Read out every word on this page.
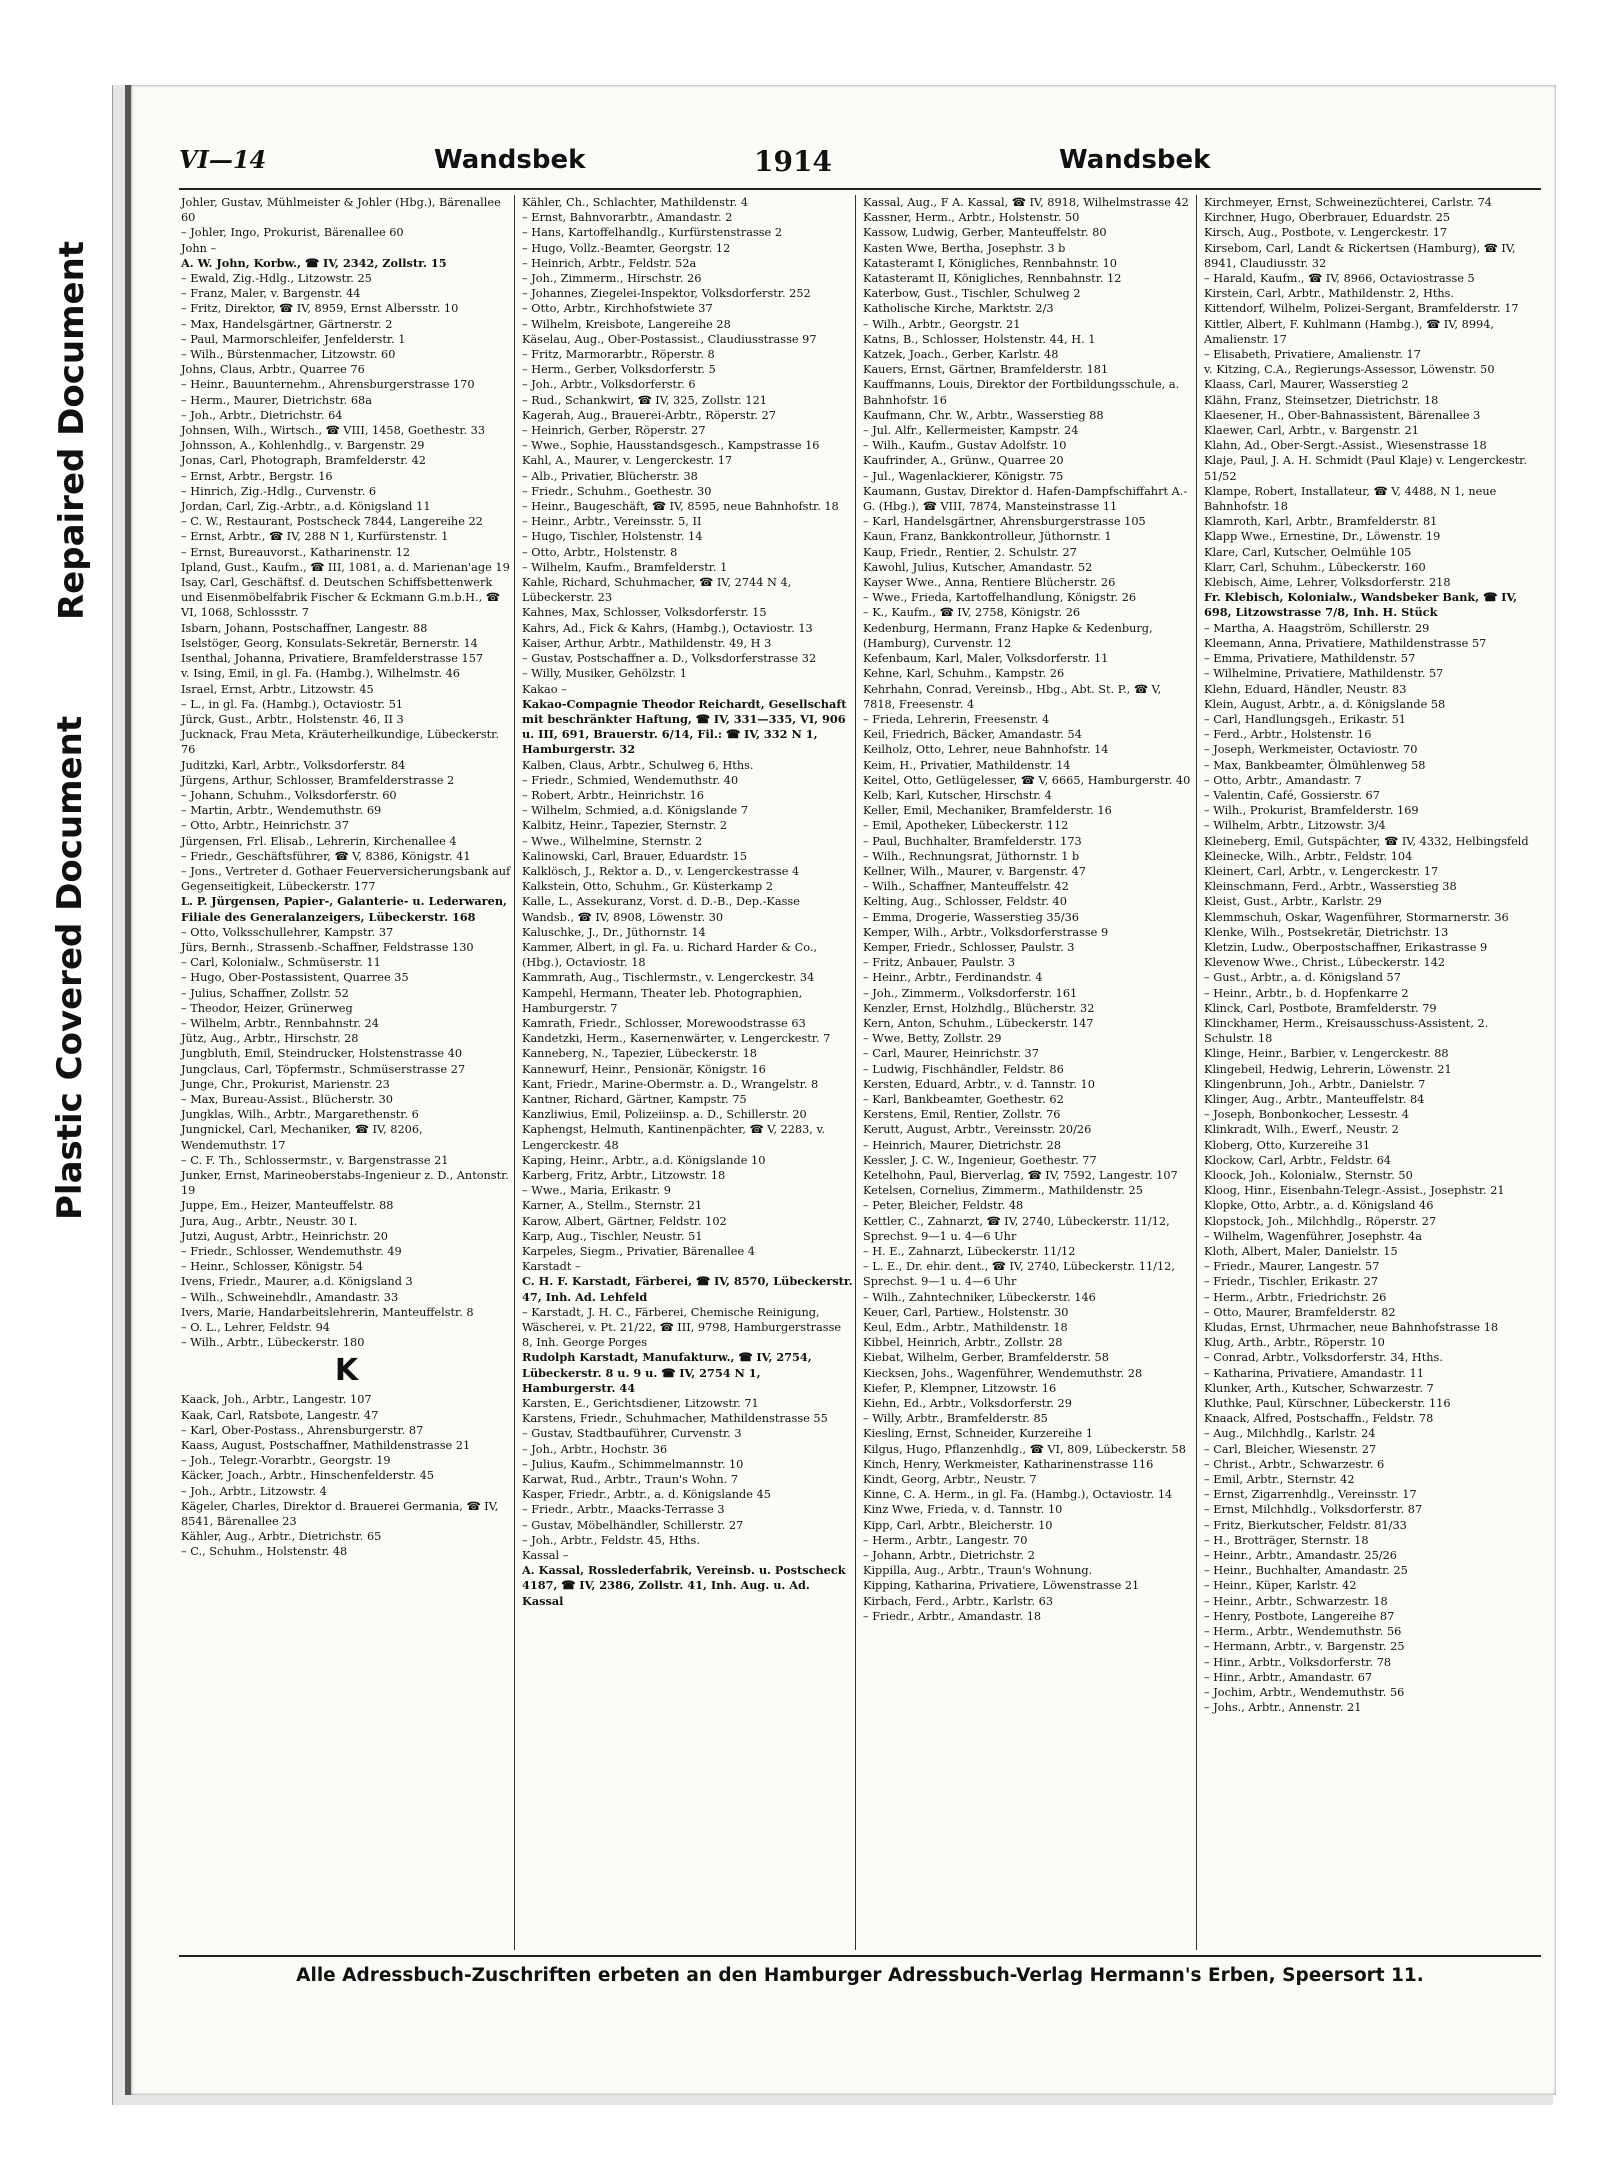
Repaired Document
Plastic Covered Document
VI—14	Wandsbek	1914	Wandsbek

Johler, Gustav, Mühlmeister & Johler (Hbg.), Bärenallee 60

– Johler, Ingo, Prokurist, Bärenallee 60

John –

A. W. John, Korbw., ☎ IV, 2342, Zollstr. 15

– Ewald, Zig.-Hdlg., Litzowstr. 25

– Franz, Maler, v. Bargenstr. 44

– Fritz, Direktor, ☎ IV, 8959, Ernst Albersstr. 10

– Max, Handelsgärtner, Gärtnerstr. 2

– Paul, Marmorschleifer, Jenfelderstr. 1

– Wilh., Bürstenmacher, Litzowstr. 60

Johns, Claus, Arbtr., Quarree 76

– Heinr., Bauunternehm., Ahrensburgerstrasse 170

– Herm., Maurer, Dietrichstr. 68a

– Joh., Arbtr., Dietrichstr. 64

Johnsen, Wilh., Wirtsch., ☎ VIII, 1458, Goethestr. 33

Johnsson, A., Kohlenhdlg., v. Bargenstr. 29

Jonas, Carl, Photograph, Bramfelderstr. 42

– Ernst, Arbtr., Bergstr. 16

– Hinrich, Zig.-Hdlg., Curvenstr. 6

Jordan, Carl, Zig.-Arbtr., a.d. Königsland 11

– C. W., Restaurant, Postscheck 7844, Langereihe 22

– Ernst, Arbtr., ☎ IV, 288 N 1, Kurfürstenstr. 1

– Ernst, Bureauvorst., Katharinenstr. 12

Ipland, Gust., Kaufm., ☎ III, 1081, a. d. Marienan'age 19

Isay, Carl, Geschäftsf. d. Deutschen Schiffsbettenwerk und Eisenmöbelfabrik Fischer & Eckmann G.m.b.H., ☎ VI, 1068, Schlossstr. 7

Isbarn, Johann, Postschaffner, Langestr. 88

Iselstöger, Georg, Konsulats-Sekretär, Bernerstr. 14

Isenthal, Johanna, Privatiere, Bramfelderstrasse 157

v. Ising, Emil, in gl. Fa. (Hambg.), Wilhelmstr. 46

Israel, Ernst, Arbtr., Litzowstr. 45

– L., in gl. Fa. (Hambg.), Octaviostr. 51

Jürck, Gust., Arbtr., Holstenstr. 46, II 3

Jucknack, Frau Meta, Kräuterheilkundige, Lübeckerstr. 76

Juditzki, Karl, Arbtr., Volksdorferstr. 84

Jürgens, Arthur, Schlosser, Bramfelderstrasse 2

– Johann, Schuhm., Volksdorferstr. 60

– Martin, Arbtr., Wendemuthstr. 69

– Otto, Arbtr., Heinrichstr. 37

Jürgensen, Frl. Elisab., Lehrerin, Kirchenallee 4

– Friedr., Geschäftsführer, ☎ V, 8386, Königstr. 41

– Jons., Vertreter d. Gothaer Feuerversicherungsbank auf Gegenseitigkeit, Lübeckerstr. 177

L. P. Jürgensen, Papier-, Galanterie- u. Lederwaren, Filiale des Generalanzeigers, Lübeckerstr. 168

– Otto, Volksschullehrer, Kampstr. 37

Jürs, Bernh., Strassenb.-Schaffner, Feldstrasse 130

– Carl, Kolonialw., Schmüserstr. 11

– Hugo, Ober-Postassistent, Quarree 35

– Julius, Schaffner, Zollstr. 52

– Theodor, Heizer, Grünerweg

– Wilhelm, Arbtr., Rennbahnstr. 24

Jütz, Aug., Arbtr., Hirschstr. 28

Jungbluth, Emil, Steindrucker, Holstenstrasse 40

Jungclaus, Carl, Töpfermstr., Schmüserstrasse 27

Junge, Chr., Prokurist, Marienstr. 23

– Max, Bureau-Assist., Blücherstr. 30

Jungklas, Wilh., Arbtr., Margarethenstr. 6

Jungnickel, Carl, Mechaniker, ☎ IV, 8206, Wendemuthstr. 17

– C. F. Th., Schlossermstr., v. Bargenstrasse 21

Junker, Ernst, Marineoberstabs-Ingenieur z. D., Antonstr. 19

Juppe, Em., Heizer, Manteuffelstr. 88

Jura, Aug., Arbtr., Neustr. 30 I.

Jutzi, August, Arbtr., Heinrichstr. 20

– Friedr., Schlosser, Wendemuthstr. 49

– Heinr., Schlosser, Königstr. 54

Ivens, Friedr., Maurer, a.d. Königsland 3

– Wilh., Schweinehdlr., Amandastr. 33

Ivers, Marie, Handarbeitslehrerin, Manteuffelstr. 8

– O. L., Lehrer, Feldstr. 94

– Wilh., Arbtr., Lübeckerstr. 180

K

Kaack, Joh., Arbtr., Langestr. 107

Kaak, Carl, Ratsbote, Langestr. 47

– Karl, Ober-Postass., Ahrensburgerstr. 87

Kaass, August, Postschaffner, Mathildenstrasse 21

– Joh., Telegr.-Vorarbtr., Georgstr. 19

Käcker, Joach., Arbtr., Hinschenfelderstr. 45

– Joh., Arbtr., Litzowstr. 4

Kägeler, Charles, Direktor d. Brauerei Germania, ☎ IV, 8541, Bärenallee 23

Kähler, Aug., Arbtr., Dietrichstr. 65

– C., Schuhm., Holstenstr. 48

Kähler, Ch., Schlachter, Mathildenstr. 4

– Ernst, Bahnvorarbtr., Amandastr. 2

– Hans, Kartoffelhandlg., Kurfürstenstrasse 2

– Hugo, Vollz.-Beamter, Georgstr. 12

– Heinrich, Arbtr., Feldstr. 52a

– Joh., Zimmerm., Hirschstr. 26

– Johannes, Ziegelei-Inspektor, Volksdorferstr. 252

– Otto, Arbtr., Kirchhofstwiete 37

– Wilhelm, Kreisbote, Langereihe 28

Käselau, Aug., Ober-Postassist., Claudiusstrasse 97

– Fritz, Marmorarbtr., Röperstr. 8

– Herm., Gerber, Volksdorferstr. 5

– Joh., Arbtr., Volksdorferstr. 6

– Rud., Schankwirt, ☎ IV, 325, Zollstr. 121

Kagerah, Aug., Brauerei-Arbtr., Röperstr. 27

– Heinrich, Gerber, Röperstr. 27

– Wwe., Sophie, Hausstandsgesch., Kampstrasse 16

Kahl, A., Maurer, v. Lengerckestr. 17

– Alb., Privatier, Blücherstr. 38

– Friedr., Schuhm., Goethestr. 30

– Heinr., Baugeschäft, ☎ IV, 8595, neue Bahnhofstr. 18

– Heinr., Arbtr., Vereinsstr. 5, II

– Hugo, Tischler, Holstenstr. 14

– Otto, Arbtr., Holstenstr. 8

– Wilhelm, Kaufm., Bramfelderstr. 1

Kahle, Richard, Schuhmacher, ☎ IV, 2744 N 4, Lübeckerstr. 23

Kahnes, Max, Schlosser, Volksdorferstr. 15

Kahrs, Ad., Fick & Kahrs, (Hambg.), Octaviostr. 13

Kaiser, Arthur, Arbtr., Mathildenstr. 49, H 3

– Gustav, Postschaffner a. D., Volksdorferstrasse 32

– Willy, Musiker, Gehölzstr. 1

Kakao –

Kakao-Compagnie Theodor Reichardt, Gesellschaft mit beschränkter Haftung, ☎ IV, 331—335, VI, 906 u. III, 691, Brauerstr. 6/14, Fil.: ☎ IV, 332 N 1, Hamburgerstr. 32

Kalben, Claus, Arbtr., Schulweg 6, Hths.

– Friedr., Schmied, Wendemuthstr. 40

– Robert, Arbtr., Heinrichstr. 16

– Wilhelm, Schmied, a.d. Königslande 7

Kalbitz, Heinr., Tapezier, Sternstr. 2

– Wwe., Wilhelmine, Sternstr. 2

Kalinowski, Carl, Brauer, Eduardstr. 15

Kalklösch, J., Rektor a. D., v. Lengerckestrasse 4

Kalkstein, Otto, Schuhm., Gr. Küsterkamp 2

Kalle, L., Assekuranz, Vorst. d. D.-B., Dep.-Kasse Wandsb., ☎ IV, 8908, Löwenstr. 30

Kaluschke, J., Dr., Jüthornstr. 14

Kammer, Albert, in gl. Fa. u. Richard Harder & Co., (Hbg.), Octaviostr. 18

Kammrath, Aug., Tischlermstr., v. Lengerckestr. 34

Kampehl, Hermann, Theater leb. Photographien, Hamburgerstr. 7

Kamrath, Friedr., Schlosser, Morewoodstrasse 63

Kandetzki, Herm., Kasernenwärter, v. Lengerckestr. 7

Kanneberg, N., Tapezier, Lübeckerstr. 18

Kannewurf, Heinr., Pensionär, Königstr. 16

Kant, Friedr., Marine-Obermstr. a. D., Wrangelstr. 8

Kantner, Richard, Gärtner, Kampstr. 75

Kanzliwius, Emil, Polizeiinsp. a. D., Schillerstr. 20

Kaphengst, Helmuth, Kantinenpächter, ☎ V, 2283, v. Lengerckestr. 48

Kaping, Heinr., Arbtr., a.d. Königslande 10

Karberg, Fritz, Arbtr., Litzowstr. 18

– Wwe., Maria, Erikastr. 9

Karner, A., Stellm., Sternstr. 21

Karow, Albert, Gärtner, Feldstr. 102

Karp, Aug., Tischler, Neustr. 51

Karpeles, Siegm., Privatier, Bärenallee 4

Karstadt –

C. H. F. Karstadt, Färberei, ☎ IV, 8570, Lübeckerstr. 47, Inh. Ad. Lehfeld

– Karstadt, J. H. C., Färberei, Chemische Reinigung, Wäscherei, v. Pt. 21/22, ☎ III, 9798, Hamburgerstrasse 8, Inh. George Porges

Rudolph Karstadt, Manufakturw., ☎ IV, 2754, Lübeckerstr. 8 u. 9 u. ☎ IV, 2754 N 1, Hamburgerstr. 44

Karsten, E., Gerichtsdiener, Litzowstr. 71

Karstens, Friedr., Schuhmacher, Mathildenstrasse 55

– Gustav, Stadtbauführer, Curvenstr. 3

– Joh., Arbtr., Hochstr. 36

– Julius, Kaufm., Schimmelmannstr. 10

Karwat, Rud., Arbtr., Traun's Wohn. 7

Kasper, Friedr., Arbtr., a. d. Königslande 45

– Friedr., Arbtr., Maacks-Terrasse 3

– Gustav, Möbelhändler, Schillerstr. 27

– Joh., Arbtr., Feldstr. 45, Hths.

Kassal –

A. Kassal, Rosslederfabrik, Vereinsb. u. Postscheck 4187, ☎ IV, 2386, Zollstr. 41, Inh. Aug. u. Ad. Kassal

Kassal, Aug., F A. Kassal, ☎ IV, 8918, Wilhelmstrasse 42

Kassner, Herm., Arbtr., Holstenstr. 50

Kassow, Ludwig, Gerber, Manteuffelstr. 80

Kasten Wwe, Bertha, Josephstr. 3 b

Katasteramt I, Königliches, Rennbahnstr. 10

Katasteramt II, Königliches, Rennbahnstr. 12

Katerbow, Gust., Tischler, Schulweg 2

Katholische Kirche, Marktstr. 2/3

– Wilh., Arbtr., Georgstr. 21

Katns, B., Schlosser, Holstenstr. 44, H. 1

Katzek, Joach., Gerber, Karlstr. 48

Kauers, Ernst, Gärtner, Bramfelderstr. 181

Kauffmanns, Louis, Direktor der Fortbildungsschule, a. Bahnhofstr. 16

Kaufmann, Chr. W., Arbtr., Wasserstieg 88

– Jul. Alfr., Kellermeister, Kampstr. 24

– Wilh., Kaufm., Gustav Adolfstr. 10

Kaufrinder, A., Grünw., Quarree 20

– Jul., Wagenlackierer, Königstr. 75

Kaumann, Gustav, Direktor d. Hafen-Dampfschiffahrt A.-G. (Hbg.), ☎ VIII, 7874, Mansteinstrasse 11

– Karl, Handelsgärtner, Ahrensburgerstrasse 105

Kaun, Franz, Bankkontrolleur, Jüthornstr. 1

Kaup, Friedr., Rentier, 2. Schulstr. 27

Kawohl, Julius, Kutscher, Amandastr. 52

Kayser Wwe., Anna, Rentiere Blücherstr. 26

– Wwe., Frieda, Kartoffelhandlung, Königstr. 26

– K., Kaufm., ☎ IV, 2758, Königstr. 26

Kedenburg, Hermann, Franz Hapke & Kedenburg, (Hamburg), Curvenstr. 12

Kefenbaum, Karl, Maler, Volksdorferstr. 11

Kehne, Karl, Schuhm., Kampstr. 26

Kehrhahn, Conrad, Vereinsb., Hbg., Abt. St. P., ☎ V, 7818, Freesenstr. 4

– Frieda, Lehrerin, Freesenstr. 4

Keil, Friedrich, Bäcker, Amandastr. 54

Keilholz, Otto, Lehrer, neue Bahnhofstr. 14

Keim, H., Privatier, Mathildenstr. 14

Keitel, Otto, Getlügelesser, ☎ V, 6665, Hamburgerstr. 40

Kelb, Karl, Kutscher, Hirschstr. 4

Keller, Emil, Mechaniker, Bramfelderstr. 16

– Emil, Apotheker, Lübeckerstr. 112

– Paul, Buchhalter, Bramfelderstr. 173

– Wilh., Rechnungsrat, Jüthornstr. 1 b

Kellner, Wilh., Maurer, v. Bargenstr. 47

– Wilh., Schaffner, Manteuffelstr. 42

Kelting, Aug., Schlosser, Feldstr. 40

– Emma, Drogerie, Wasserstieg 35/36

Kemper, Wilh., Arbtr., Volksdorferstrasse 9

Kemper, Friedr., Schlosser, Paulstr. 3

– Fritz, Anbauer, Paulstr. 3

– Heinr., Arbtr., Ferdinandstr. 4

– Joh., Zimmerm., Volksdorferstr. 161

Kenzler, Ernst, Holzhdlg., Blücherstr. 32

Kern, Anton, Schuhm., Lübeckerstr. 147

– Wwe, Betty, Zollstr. 29

– Carl, Maurer, Heinrichstr. 37

– Ludwig, Fischhändler, Feldstr. 86

Kersten, Eduard, Arbtr., v. d. Tannstr. 10

– Karl, Bankbeamter, Goethestr. 62

Kerstens, Emil, Rentier, Zollstr. 76

Kerutt, August, Arbtr., Vereinsstr. 20/26

– Heinrich, Maurer, Dietrichstr. 28

Kessler, J. C. W., Ingenieur, Goethestr. 77

Ketelhohn, Paul, Bierverlag, ☎ IV, 7592, Langestr. 107

Ketelsen, Cornelius, Zimmerm., Mathildenstr. 25

– Peter, Bleicher, Feldstr. 48

Kettler, C., Zahnarzt, ☎ IV, 2740, Lübeckerstr. 11/12, Sprechst. 9—1 u. 4—6 Uhr

– H. E., Zahnarzt, Lübeckerstr. 11/12

– L. E., Dr. ehir. dent., ☎ IV, 2740, Lübeckerstr. 11/12, Sprechst. 9—1 u. 4—6 Uhr

– Wilh., Zahntechniker, Lübeckerstr. 146

Keuer, Carl, Partiew., Holstenstr. 30

Keul, Edm., Arbtr., Mathildenstr. 18

Kibbel, Heinrich, Arbtr., Zollstr. 28

Kiebat, Wilhelm, Gerber, Bramfelderstr. 58

Kiecksen, Johs., Wagenführer, Wendemuthstr. 28

Kiefer, P., Klempner, Litzowstr. 16

Kiehn, Ed., Arbtr., Volksdorferstr. 29

– Willy, Arbtr., Bramfelderstr. 85

Kiesling, Ernst, Schneider, Kurzereihe 1

Kilgus, Hugo, Pflanzenhdlg., ☎ VI, 809, Lübeckerstr. 58

Kinch, Henry, Werkmeister, Katharinenstrasse 116

Kindt, Georg, Arbtr., Neustr. 7

Kinne, C. A. Herm., in gl. Fa. (Hambg.), Octaviostr. 14

Kinz Wwe, Frieda, v. d. Tannstr. 10

Kipp, Carl, Arbtr., Bleicherstr. 10

– Herm., Arbtr., Langestr. 70

– Johann, Arbtr., Dietrichstr. 2

Kippilla, Aug., Arbtr., Traun's Wohnung.

Kipping, Katharina, Privatiere, Löwenstrasse 21

Kirbach, Ferd., Arbtr., Karlstr. 63

– Friedr., Arbtr., Amandastr. 18

Kirchmeyer, Ernst, Schweinezüchterei, Carlstr. 74

Kirchner, Hugo, Oberbrauer, Eduardstr. 25

Kirsch, Aug., Postbote, v. Lengerckestr. 17

Kirsebom, Carl, Landt & Rickertsen (Hamburg), ☎ IV, 8941, Claudiusstr. 32

– Harald, Kaufm., ☎ IV, 8966, Octaviostrasse 5

Kirstein, Carl, Arbtr., Mathildenstr. 2, Hths.

Kittendorf, Wilhelm, Polizei-Sergant, Bramfelderstr. 17

Kittler, Albert, F. Kuhlmann (Hambg.), ☎ IV, 8994, Amalienstr. 17

– Elisabeth, Privatiere, Amalienstr. 17

v. Kitzing, C.A., Regierungs-Assessor, Löwenstr. 50

Klaass, Carl, Maurer, Wasserstieg 2

Klähn, Franz, Steinsetzer, Dietrichstr. 18

Klaesener, H., Ober-Bahnassistent, Bärenallee 3

Klaewer, Carl, Arbtr., v. Bargenstr. 21

Klahn, Ad., Ober-Sergt.-Assist., Wiesenstrasse 18

Klaje, Paul, J. A. H. Schmidt (Paul Klaje) v. Lengerckestr. 51/52

Klampe, Robert, Installateur, ☎ V, 4488, N 1, neue Bahnhofstr. 18

Klamroth, Karl, Arbtr., Bramfelderstr. 81

Klapp Wwe., Ernestine, Dr., Löwenstr. 19

Klare, Carl, Kutscher, Oelmühle 105

Klarr, Carl, Schuhm., Lübeckerstr. 160

Klebisch, Aime, Lehrer, Volksdorferstr. 218

Fr. Klebisch, Kolonialw., Wandsbeker Bank, ☎ IV, 698, Litzowstrasse 7/8, Inh. H. Stück

– Martha, A. Haagström, Schillerstr. 29

Kleemann, Anna, Privatiere, Mathildenstrasse 57

– Emma, Privatiere, Mathildenstr. 57

– Wilhelmine, Privatiere, Mathildenstr. 57

Klehn, Eduard, Händler, Neustr. 83

Klein, August, Arbtr., a. d. Königslande 58

– Carl, Handlungsgeh., Erikastr. 51

– Ferd., Arbtr., Holstenstr. 16

– Joseph, Werkmeister, Octaviostr. 70

– Max, Bankbeamter, Ölmühlenweg 58

– Otto, Arbtr., Amandastr. 7

– Valentin, Café, Gossierstr. 67

– Wilh., Prokurist, Bramfelderstr. 169

– Wilhelm, Arbtr., Litzowstr. 3/4

Kleineberg, Emil, Gutspächter, ☎ IV, 4332, Helbingsfeld

Kleinecke, Wilh., Arbtr., Feldstr. 104

Kleinert, Carl, Arbtr., v. Lengerckestr. 17

Kleinschmann, Ferd., Arbtr., Wasserstieg 38

Kleist, Gust., Arbtr., Karlstr. 29

Klemmschuh, Oskar, Wagenführer, Stormarnerstr. 36

Klenke, Wilh., Postsekretär, Dietrichstr. 13

Kletzin, Ludw., Oberpostschaffner, Erikastrasse 9

Klevenow Wwe., Christ., Lübeckerstr. 142

– Gust., Arbtr., a. d. Königsland 57

– Heinr., Arbtr., b. d. Hopfenkarre 2

Klinck, Carl, Postbote, Bramfelderstr. 79

Klinckhamer, Herm., Kreisausschuss-Assistent, 2. Schulstr. 18

Klinge, Heinr., Barbier, v. Lengerckestr. 88

Klingebeil, Hedwig, Lehrerin, Löwenstr. 21

Klingenbrunn, Joh., Arbtr., Danielstr. 7

Klinger, Aug., Arbtr., Manteuffelstr. 84

– Joseph, Bonbonkocher, Lessestr. 4

Klinkradt, Wilh., Ewerf., Neustr. 2

Kloberg, Otto, Kurzereihe 31

Klockow, Carl, Arbtr., Feldstr. 64

Kloock, Joh., Kolonialw., Sternstr. 50

Kloog, Hinr., Eisenbahn-Telegr.-Assist., Josephstr. 21

Klopke, Otto, Arbtr., a. d. Königsland 46

Klopstock, Joh., Milchhdlg., Röperstr. 27

– Wilhelm, Wagenführer, Josephstr. 4a

Kloth, Albert, Maler, Danielstr. 15

– Friedr., Maurer, Langestr. 57

– Friedr., Tischler, Erikastr. 27

– Herm., Arbtr., Friedrichstr. 26

– Otto, Maurer, Bramfelderstr. 82

Kludas, Ernst, Uhrmacher, neue Bahnhofstrasse 18

Klug, Arth., Arbtr., Röperstr. 10

– Conrad, Arbtr., Volksdorferstr. 34, Hths.

– Katharina, Privatiere, Amandastr. 11

Klunker, Arth., Kutscher, Schwarzestr. 7

Kluthke, Paul, Kürschner, Lübeckerstr. 116

Knaack, Alfred, Postschaffn., Feldstr. 78

– Aug., Milchhdlg., Karlstr. 24

– Carl, Bleicher, Wiesenstr. 27

– Christ., Arbtr., Schwarzestr. 6

– Emil, Arbtr., Sternstr. 42

– Ernst, Zigarrenhdlg., Vereinsstr. 17

– Ernst, Milchhdlg., Volksdorferstr. 87

– Fritz, Bierkutscher, Feldstr. 81/33

– H., Brotträger, Sternstr. 18

– Heinr., Arbtr., Amandastr. 25/26

– Heinr., Buchhalter, Amandastr. 25

– Heinr., Küper, Karlstr. 42

– Heinr., Arbtr., Schwarzestr. 18

– Henry, Postbote, Langereihe 87

– Herm., Arbtr., Wendemuthstr. 56

– Hermann, Arbtr., v. Bargenstr. 25

– Hinr., Arbtr., Volksdorferstr. 78

– Hinr., Arbtr., Amandastr. 67

– Jochim, Arbtr., Wendemuthstr. 56

– Johs., Arbtr., Annenstr. 21

Alle Adressbuch-Zuschriften erbeten an den Hamburger Adressbuch-Verlag Hermann's Erben, Speersort 11.
